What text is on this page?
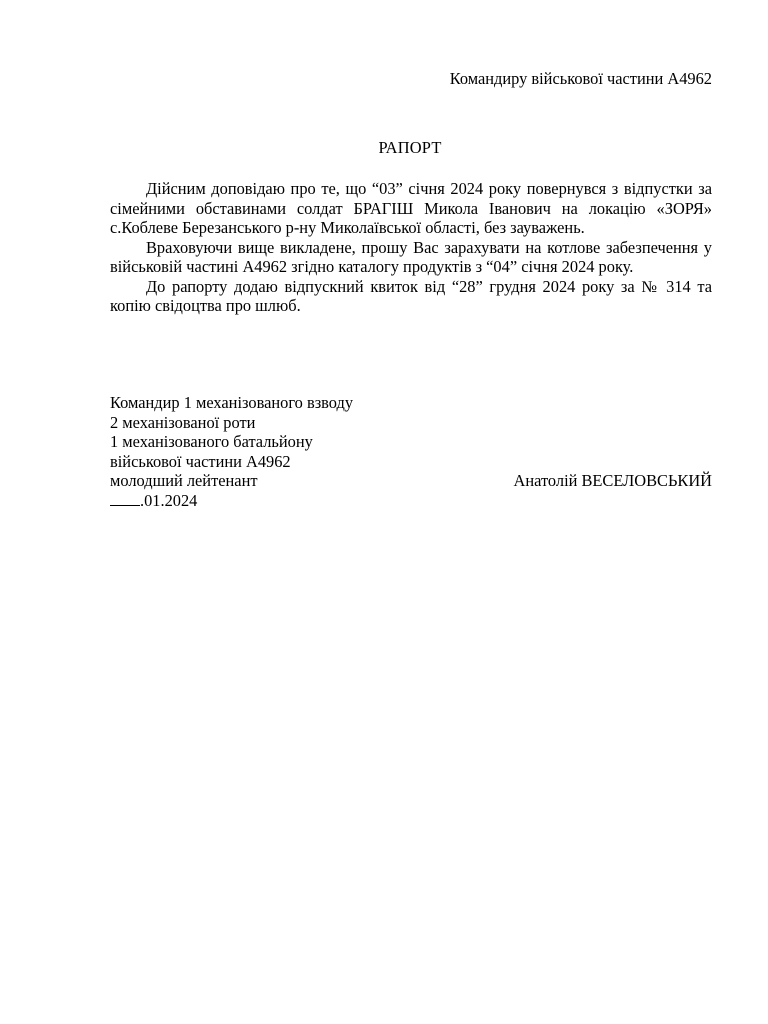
Командиру військової частини А4962
РАПОРТ

Дійсним доповідаю про те, що “03” січня 2024 року повернувся з відпустки за сімейними обставинами солдат БРАГІШ Микола Іванович на локацію «ЗОРЯ» с.Коблеве Березанського р-ну Миколаївської області, без зауважень.

Враховуючи вище викладене, прошу Вас зарахувати на котлове забезпечення у військовій частині А4962 згідно каталогу продуктів з “04” січня 2024 року.

До рапорту додаю відпускний квиток від “28” грудня 2024 року за № 314 та копію свідоцтва про шлюб.

Командир 1 механізованого взводу
2 механізованої роти
1 механізованого батальйону
військової частини А4962
молодший лейтенант	Анатолій ВЕСЕЛОВСЬКИЙ
.01.2024
